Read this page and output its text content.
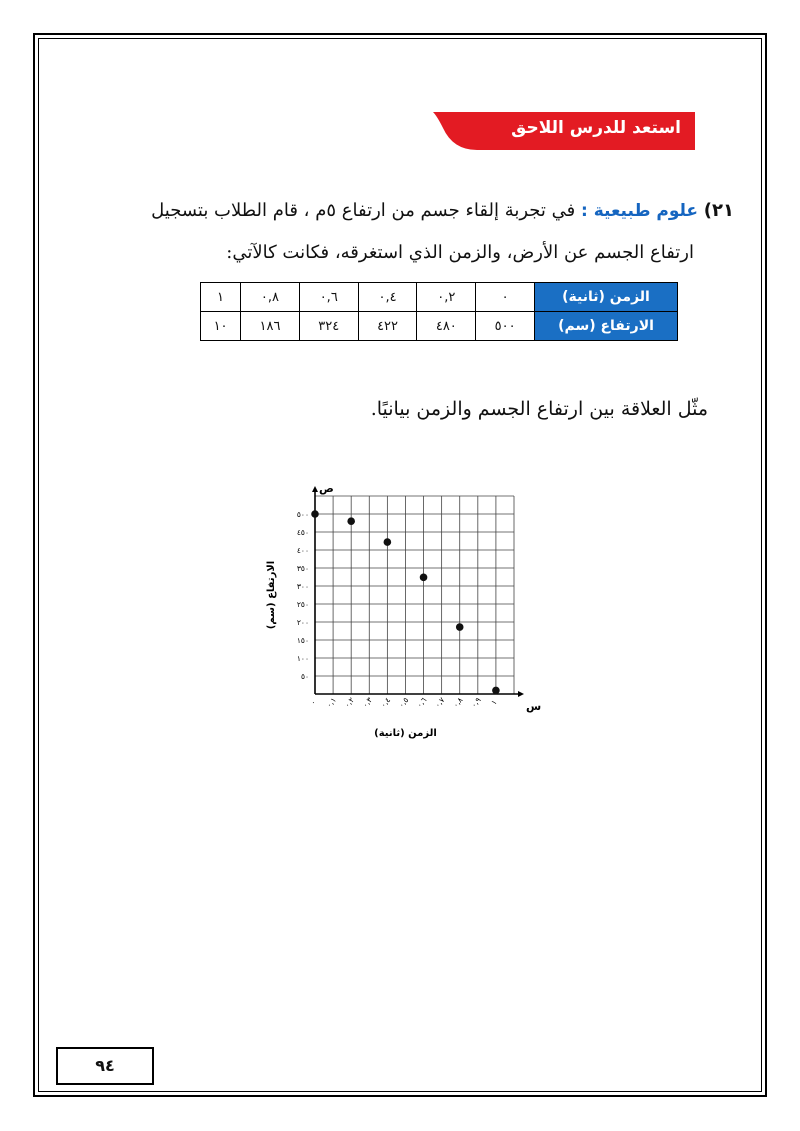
استعد للدرس اللاحق
٢١) علوم طبيعية : في تجربة إلقاء جسم من ارتفاع ٥م ، قام الطلاب بتسجيل
ارتفاع الجسم عن الأرض، والزمن الذي استغرقه، فكانت كالآتي:
الزمن (ثانية)	٠	٠,٢	٠,٤	٠,٦	٠,٨	١
الارتفاع (سم)	٥٠٠	٤٨٠	٤٢٢	٣٢٤	١٨٦	١٠
مثّل العلاقة بين ارتفاع الجسم والزمن بيانيًا.
ص
س
٥٠
١٠٠
١٥٠
٢٠٠
٢٥٠
٣٠٠
٣٥٠
٤٠٠
٤٥٠
٥٠٠
٠ ٠,١ ٠,٢ ٠,٣ ٠,٤ ٠,٥ ٠,٦ ٠,٧ ٠,٨ ٠,٩ ١
الزمن (ثانية)
الارتفاع (سم)
٩٤
